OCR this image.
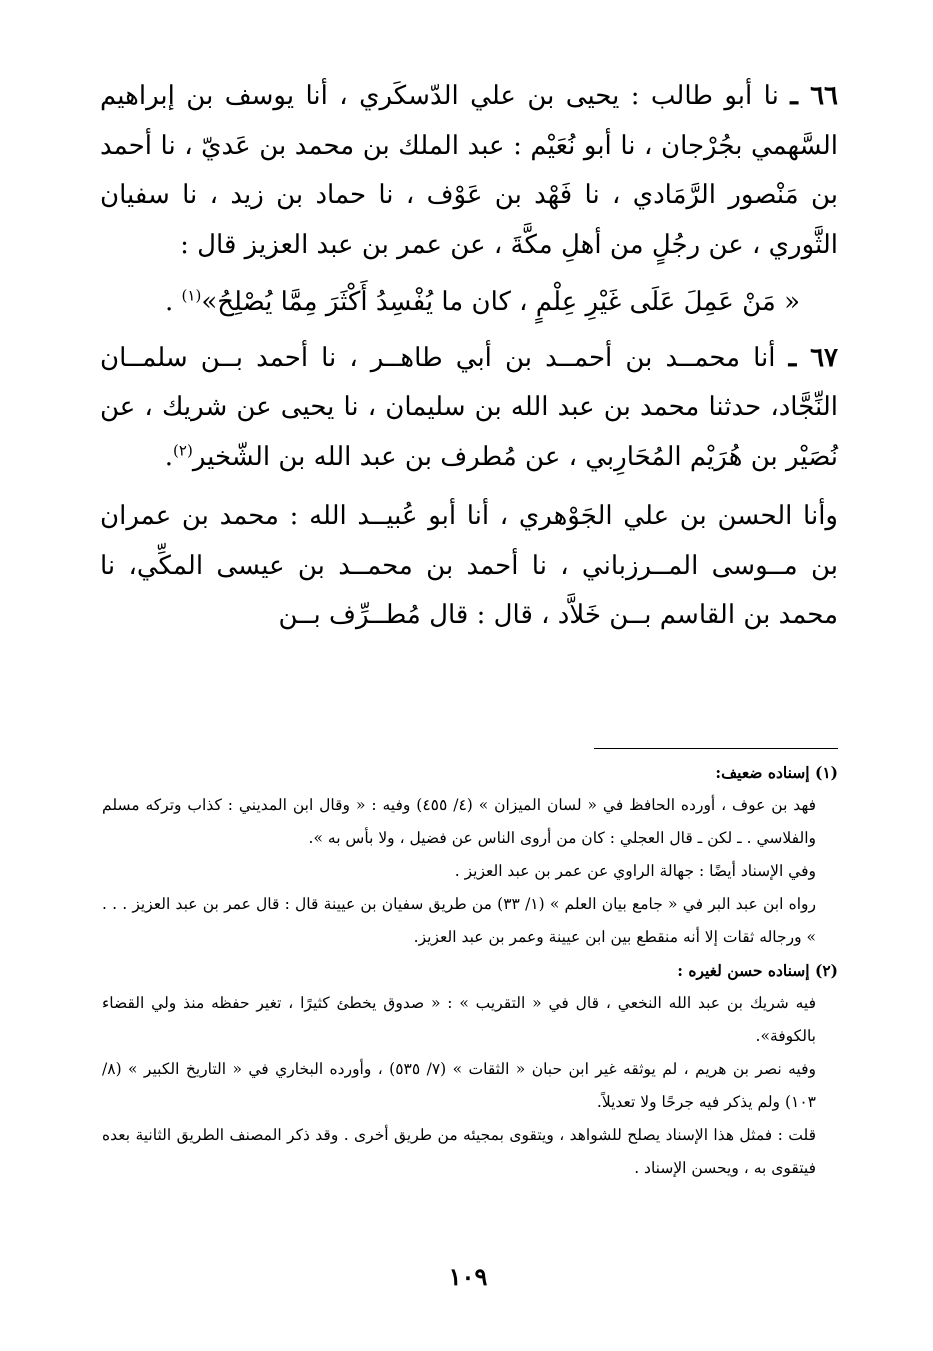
٦٦ ـ نا أبو طالب : يحيى بن علي الدّسكَري ، أنا يوسف بن إبراهيم السَّهمي بجُرْجان ، نا أبو نُعَيْم : عبد الملك بن محمد بن عَديّ ، نا أحمد بن مَنْصور الرَّمَادي ، نا فَهْد بن عَوْف ، نا حماد بن زيد ، نا سفيان الثَّوري ، عن رجُلٍ من أهلِ مكَّةَ ، عن عمر بن عبد العزيز قال :

« مَنْ عَمِلَ عَلَى غَيْرِ عِلْمٍ ، كان ما يُفْسِدُ أَكْثَرَ مِمَّا يُصْلِحُ»$^{(١)}$ .

٦٧ ـ أنا محمــد بن أحمــد بن أبي طاهــر ، نا أحمد بــن سلمــان النِّجَّاد، حدثنا محمد بن عبد الله بن سليمان ، نا يحيى عن شريك ، عن نُصَيْر بن هُرَيْم المُحَارِبي ، عن مُطرف بن عبد الله بن الشّخير$^{(٢)}$.

وأنا الحسن بن علي الجَوْهري ، أنا أبو عُبيــد الله : محمد بن عمران بن مــوسى المــرزباني ، نا أحمد بن محمــد بن عيسى المكِّي، نا محمد بن القاسم بــن خَلاَّد ، قال : قال مُطــرِّف بــن

(١) إسناده ضعيف:

فهد بن عوف ، أورده الحافظ في « لسان الميزان » (٤/ ٤٥٥) وفيه : « وقال ابن المديني : كذاب وتركه مسلم والفلاسي . ـ لكن ـ قال العجلي : كان من أروى الناس عن فضيل ، ولا بأس به ».

وفي الإسناد أيضًا : جهالة الراوي عن عمر بن عبد العزيز .

رواه ابن عبد البر في « جامع بيان العلم » (١/ ٣٣) من طريق سفيان بن عيينة قال : قال عمر بن عبد العزيز . . . » ورجاله ثقات إلا أنه منقطع بين ابن عيينة وعمر بن عبد العزيز.

(٢) إسناده حسن لغيره :

فيه شريك بن عبد الله النخعي ، قال في « التقريب » : « صدوق يخطئ كثيرًا ، تغير حفظه منذ ولي القضاء بالكوفة».

وفيه نصر بن هريم ، لم يوثقه غير ابن حبان « الثقات » (٧/ ٥٣٥) ، وأورده البخاري في « التاريخ الكبير » (٨/ ١٠٣) ولم يذكر فيه جرحًا ولا تعديلاً.

قلت : فمثل هذا الإسناد يصلح للشواهد ، ويتقوى بمجيئه من طريق أخرى . وقد ذكر المصنف الطريق الثانية بعده فيتقوى به ، ويحسن الإسناد .

١٠٩
